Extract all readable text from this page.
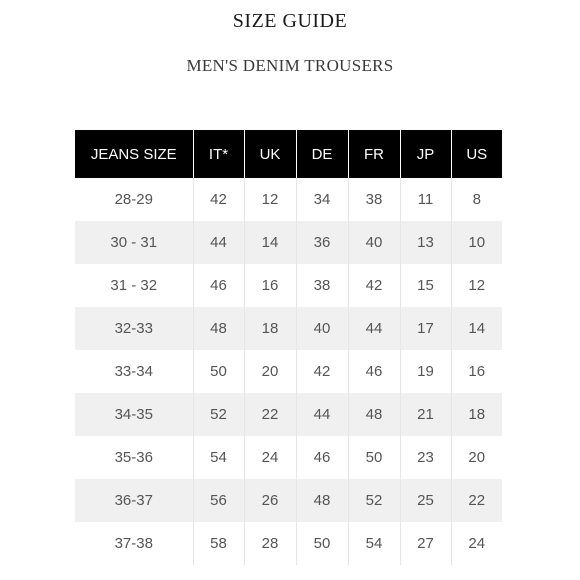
SIZE GUIDE
MEN'S DENIM TROUSERS
JEANS SIZE	IT*	UK	DE	FR	JP	US
28-29	42	12	34	38	11	8
30 - 31	44	14	36	40	13	10
31 - 32	46	16	38	42	15	12
32-33	48	18	40	44	17	14
33-34	50	20	42	46	19	16
34-35	52	22	44	48	21	18
35-36	54	24	46	50	23	20
36-37	56	26	48	52	25	22
37-38	58	28	50	54	27	24
